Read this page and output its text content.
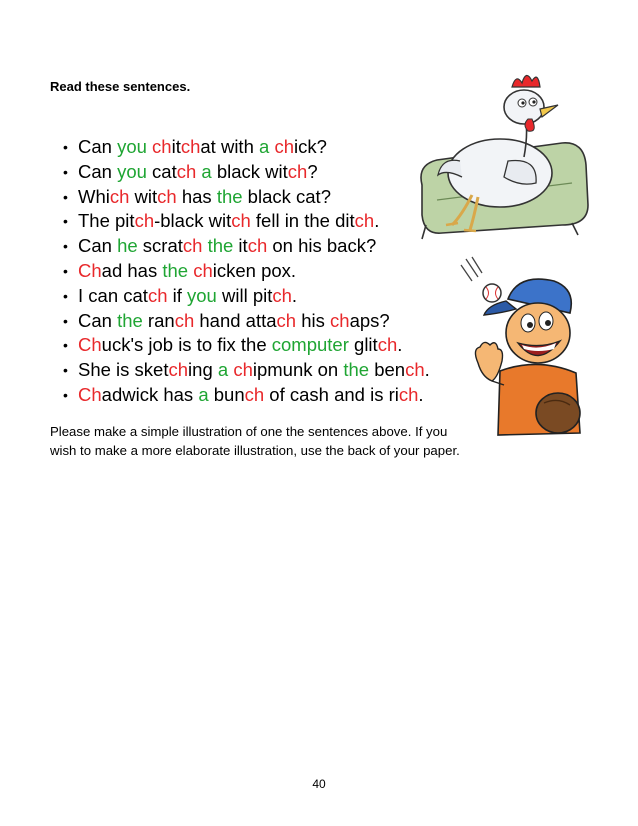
Read these sentences.

• Can you chitchat with a chick?
• Can you catch a black witch?
• Which witch has the black cat?
• The pitch-black witch fell in the ditch.
• Can he scratch the itch on his back?
• Chad has the chicken pox.
• I can catch if you will pitch.
• Can the ranch hand attach his chaps?
• Chuck's job is to fix the computer glitch.
• She is sketching a chipmunk on the bench.
• Chadwick has a bunch of cash and is rich.

Please make a simple illustration of one the sentences above. If you wish to make a more elaborate illustration, use the back of your paper.

40
